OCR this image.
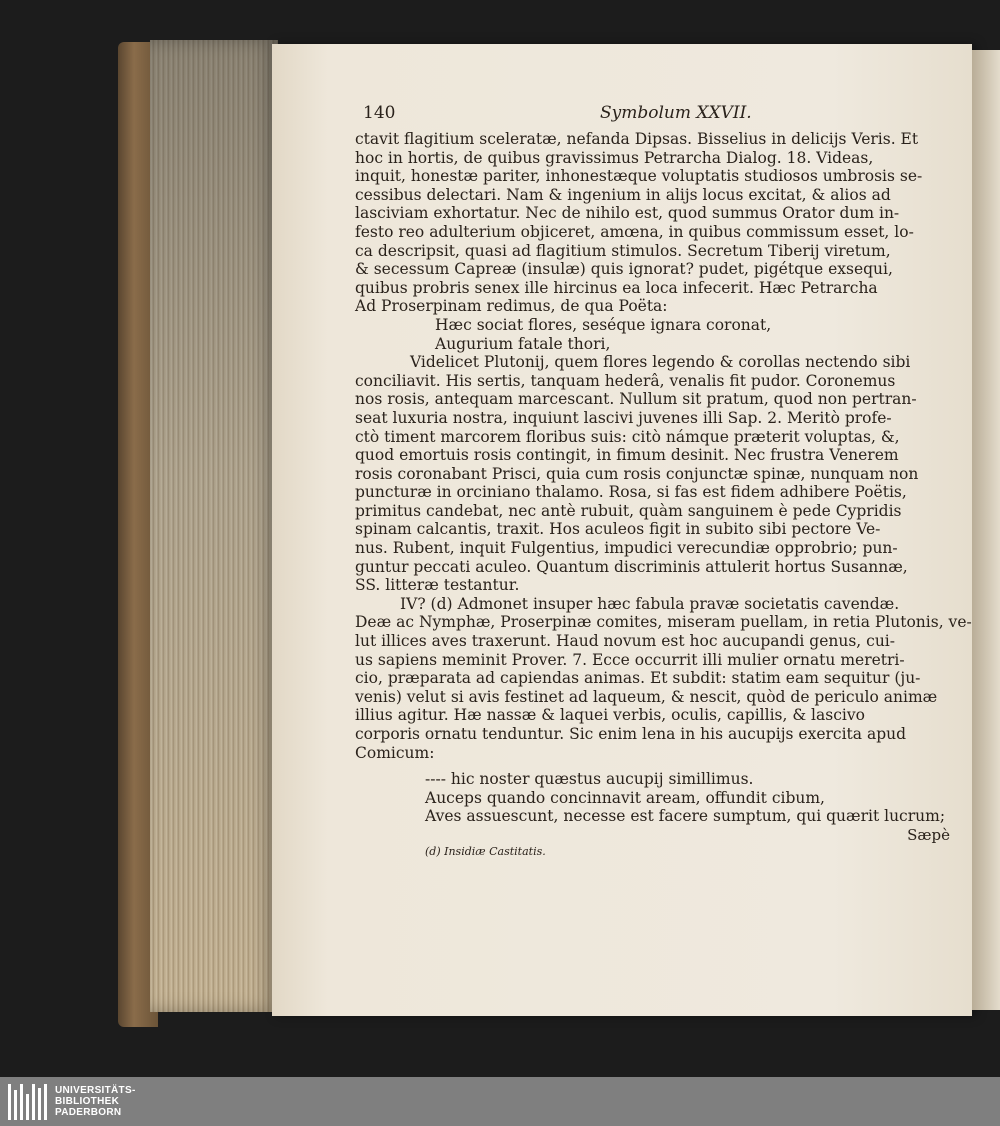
140	Symbolum XXVII.
ctavit flagitium sceleratæ, nefanda Dipsas. Bisselius in delicijs Veris. Et
hoc in hortis, de quibus gravissimus Petrarcha Dialog. 18. Videas,
inquit, honestæ pariter, inhonestæque voluptatis studiosos umbrosis se-
cessibus delectari. Nam & ingenium in alijs locus excitat, & alios ad
lasciviam exhortatur. Nec de nihilo est, quod summus Orator dum in-
festo reo adulterium objiceret, amœna, in quibus commissum esset, lo-
ca descripsit, quasi ad flagitium stimulos. Secretum Tiberij viretum,
& secessum Capreæ (insulæ) quis ignorat? pudet, pigétque exsequi,
quibus probris senex ille hircinus ea loca infecerit. Hæc Petrarcha
Ad Proserpinam redimus, de qua Poëta:
Hæc sociat flores, seséque ignara coronat,
Augurium fatale thori,
Videlicet Plutonij, quem flores legendo & corollas nectendo sibi
conciliavit. His sertis, tanquam hederâ, venalis fit pudor. Coronemus
nos rosis, antequam marcescant. Nullum sit pratum, quod non pertran-
seat luxuria nostra, inquiunt lascivi juvenes illi Sap. 2. Meritò profe-
ctò timent marcorem floribus suis: citò námque præterit voluptas, &,
quod emortuis rosis contingit, in fimum desinit. Nec frustra Venerem
rosis coronabant Prisci, quia cum rosis conjunctæ spinæ, nunquam non
puncturæ in orciniano thalamo. Rosa, si fas est fidem adhibere Poëtis,
primitus candebat, nec antè rubuit, quàm sanguinem è pede Cypridis
spinam calcantis, traxit. Hos aculeos figit in subito sibi pectore Ve-
nus. Rubent, inquit Fulgentius, impudici verecundiæ opprobrio; pun-
guntur peccati aculeo. Quantum discriminis attulerit hortus Susannæ,
SS. litteræ testantur.
IV? (d) Admonet insuper hæc fabula pravæ societatis cavendæ.
Deæ ac Nymphæ, Proserpinæ comites, miseram puellam, in retia Plutonis, ve-
lut illices aves traxerunt. Haud novum est hoc aucupandi genus, cui-
us sapiens meminit Prover. 7. Ecce occurrit illi mulier ornatu meretri-
cio, præparata ad capiendas animas. Et subdit: statim eam sequitur (ju-
venis) velut si avis festinet ad laqueum, & nescit, quòd de periculo animæ
illius agitur. Hæ nassæ & laquei verbis, oculis, capillis, & lascivo
corporis ornatu tenduntur. Sic enim lena in his aucupijs exercita apud
Comicum:
---- hic noster quæstus aucupij simillimus.
Auceps quando concinnavit aream, offundit cibum,
Aves assuescunt, necesse est facere sumptum, qui quærit lucrum;
Sæpè
(d) Insidiæ Castitatis.
UNIVERSITÄTS-
BIBLIOTHEK
PADERBORN
